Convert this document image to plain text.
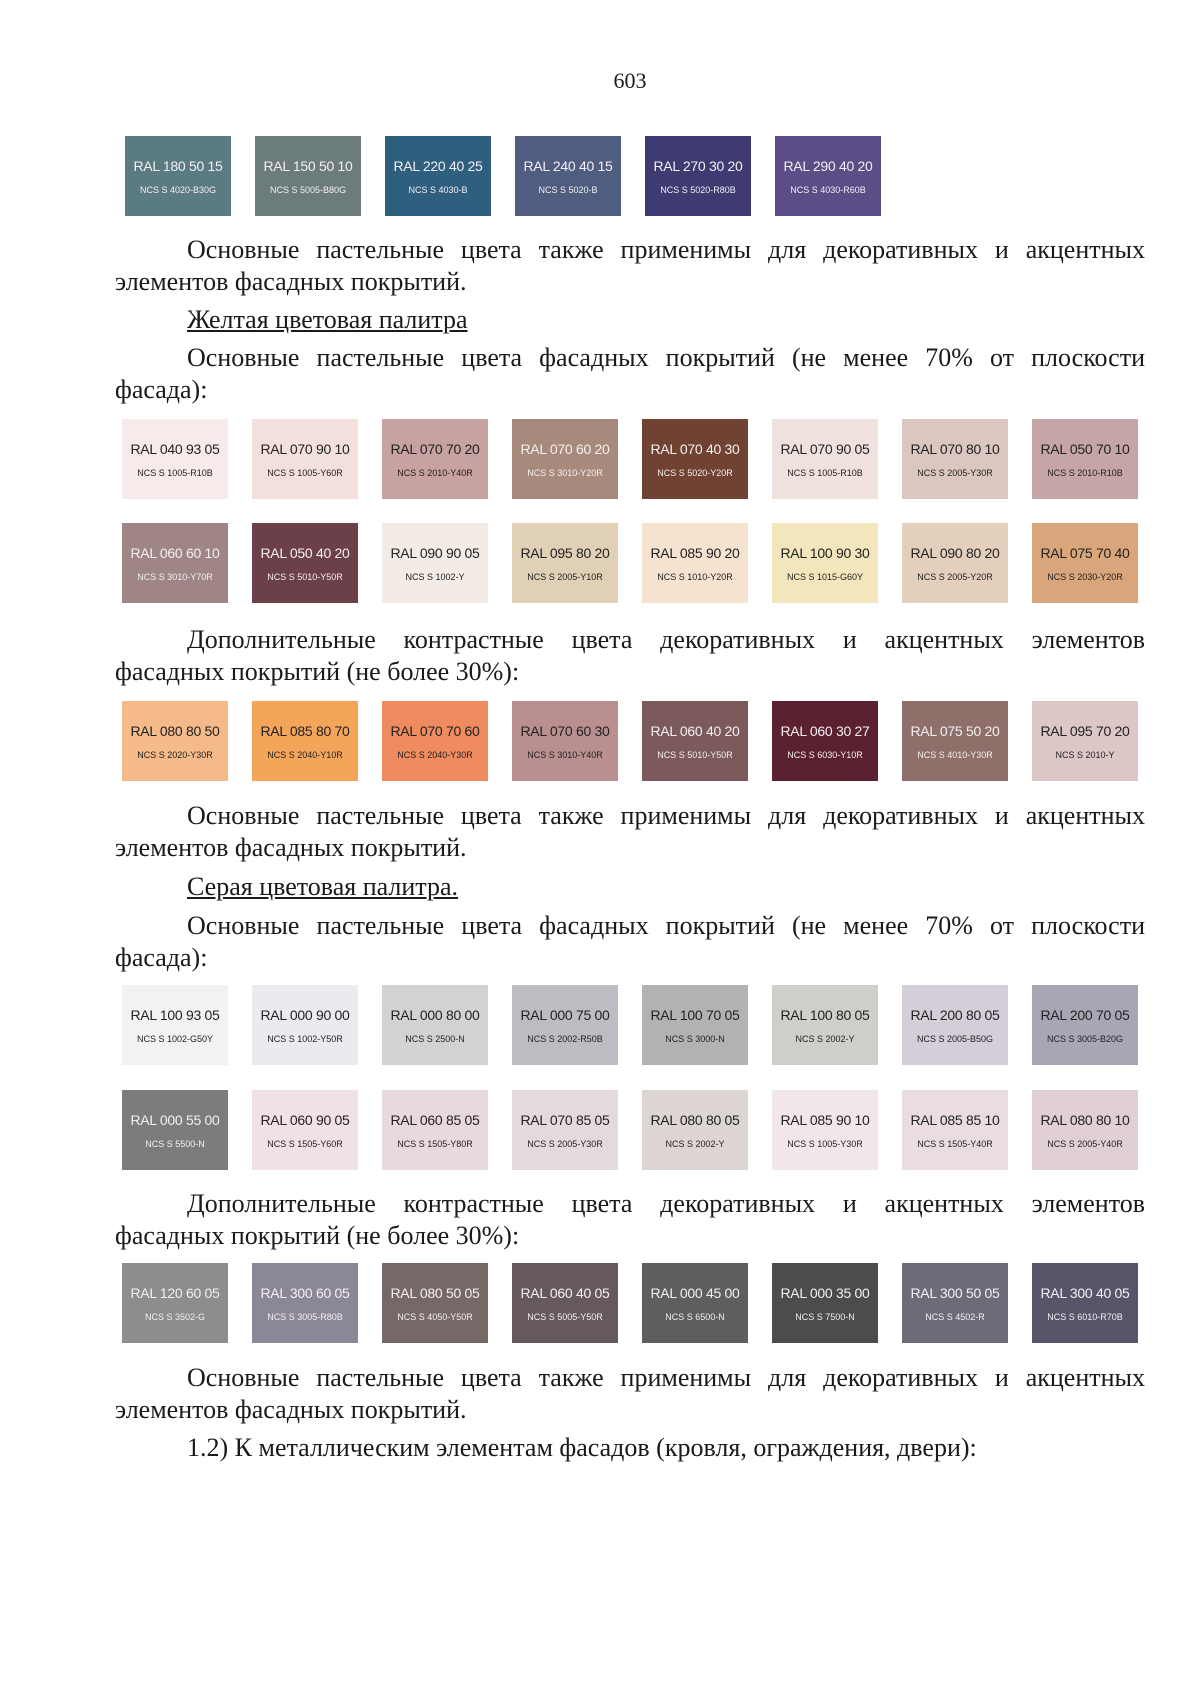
603
RAL 180 50 15
NCS S 4020-B30G
RAL 150 50 10
NCS S 5005-B80G
RAL 220 40 25
NCS S 4030-B
RAL 240 40 15
NCS S 5020-B
RAL 270 30 20
NCS S 5020-R80B
RAL 290 40 20
NCS S 4030-R60B

Основные пастельные цвета также применимы для декоративных и акцентных
элементов фасадных покрытий.

Желтая цветовая палитра

Основные пастельные цвета фасадных покрытий (не менее 70% от плоскости
фасада):

RAL 040 93 05
NCS S 1005-R10B
RAL 070 90 10
NCS S 1005-Y60R
RAL 070 70 20
NCS S 2010-Y40R
RAL 070 60 20
NCS S 3010-Y20R
RAL 070 40 30
NCS S 5020-Y20R
RAL 070 90 05
NCS S 1005-R10B
RAL 070 80 10
NCS S 2005-Y30R
RAL 050 70 10
NCS S 2010-R10B
RAL 060 60 10
NCS S 3010-Y70R
RAL 050 40 20
NCS S 5010-Y50R
RAL 090 90 05
NCS S 1002-Y
RAL 095 80 20
NCS S 2005-Y10R
RAL 085 90 20
NCS S 1010-Y20R
RAL 100 90 30
NCS S 1015-G60Y
RAL 090 80 20
NCS S 2005-Y20R
RAL 075 70 40
NCS S 2030-Y20R

Дополнительные контрастные цвета декоративных и акцентных элементов
фасадных покрытий (не более 30%):

RAL 080 80 50
NCS S 2020-Y30R
RAL 085 80 70
NCS S 2040-Y10R
RAL 070 70 60
NCS S 2040-Y30R
RAL 070 60 30
NCS S 3010-Y40R
RAL 060 40 20
NCS S 5010-Y50R
RAL 060 30 27
NCS S 6030-Y10R
RAL 075 50 20
NCS S 4010-Y30R
RAL 095 70 20
NCS S 2010-Y

Основные пастельные цвета также применимы для декоративных и акцентных
элементов фасадных покрытий.

Серая цветовая палитра.

Основные пастельные цвета фасадных покрытий (не менее 70% от плоскости
фасада):

RAL 100 93 05
NCS S 1002-G50Y
RAL 000 90 00
NCS S 1002-Y50R
RAL 000 80 00
NCS S 2500-N
RAL 000 75 00
NCS S 2002-R50B
RAL 100 70 05
NCS S 3000-N
RAL 100 80 05
NCS S 2002-Y
RAL 200 80 05
NCS S 2005-B50G
RAL 200 70 05
NCS S 3005-B20G
RAL 000 55 00
NCS S 5500-N
RAL 060 90 05
NCS S 1505-Y60R
RAL 060 85 05
NCS S 1505-Y80R
RAL 070 85 05
NCS S 2005-Y30R
RAL 080 80 05
NCS S 2002-Y
RAL 085 90 10
NCS S 1005-Y30R
RAL 085 85 10
NCS S 1505-Y40R
RAL 080 80 10
NCS S 2005-Y40R

Дополнительные контрастные цвета декоративных и акцентных элементов
фасадных покрытий (не более 30%):

RAL 120 60 05
NCS S 3502-G
RAL 300 60 05
NCS S 3005-R80B
RAL 080 50 05
NCS S 4050-Y50R
RAL 060 40 05
NCS S 5005-Y50R
RAL 000 45 00
NCS S 6500-N
RAL 000 35 00
NCS S 7500-N
RAL 300 50 05
NCS S 4502-R
RAL 300 40 05
NCS S 6010-R70B

Основные пастельные цвета также применимы для декоративных и акцентных
элементов фасадных покрытий.

1.2) К металлическим элементам фасадов (кровля, ограждения, двери):
